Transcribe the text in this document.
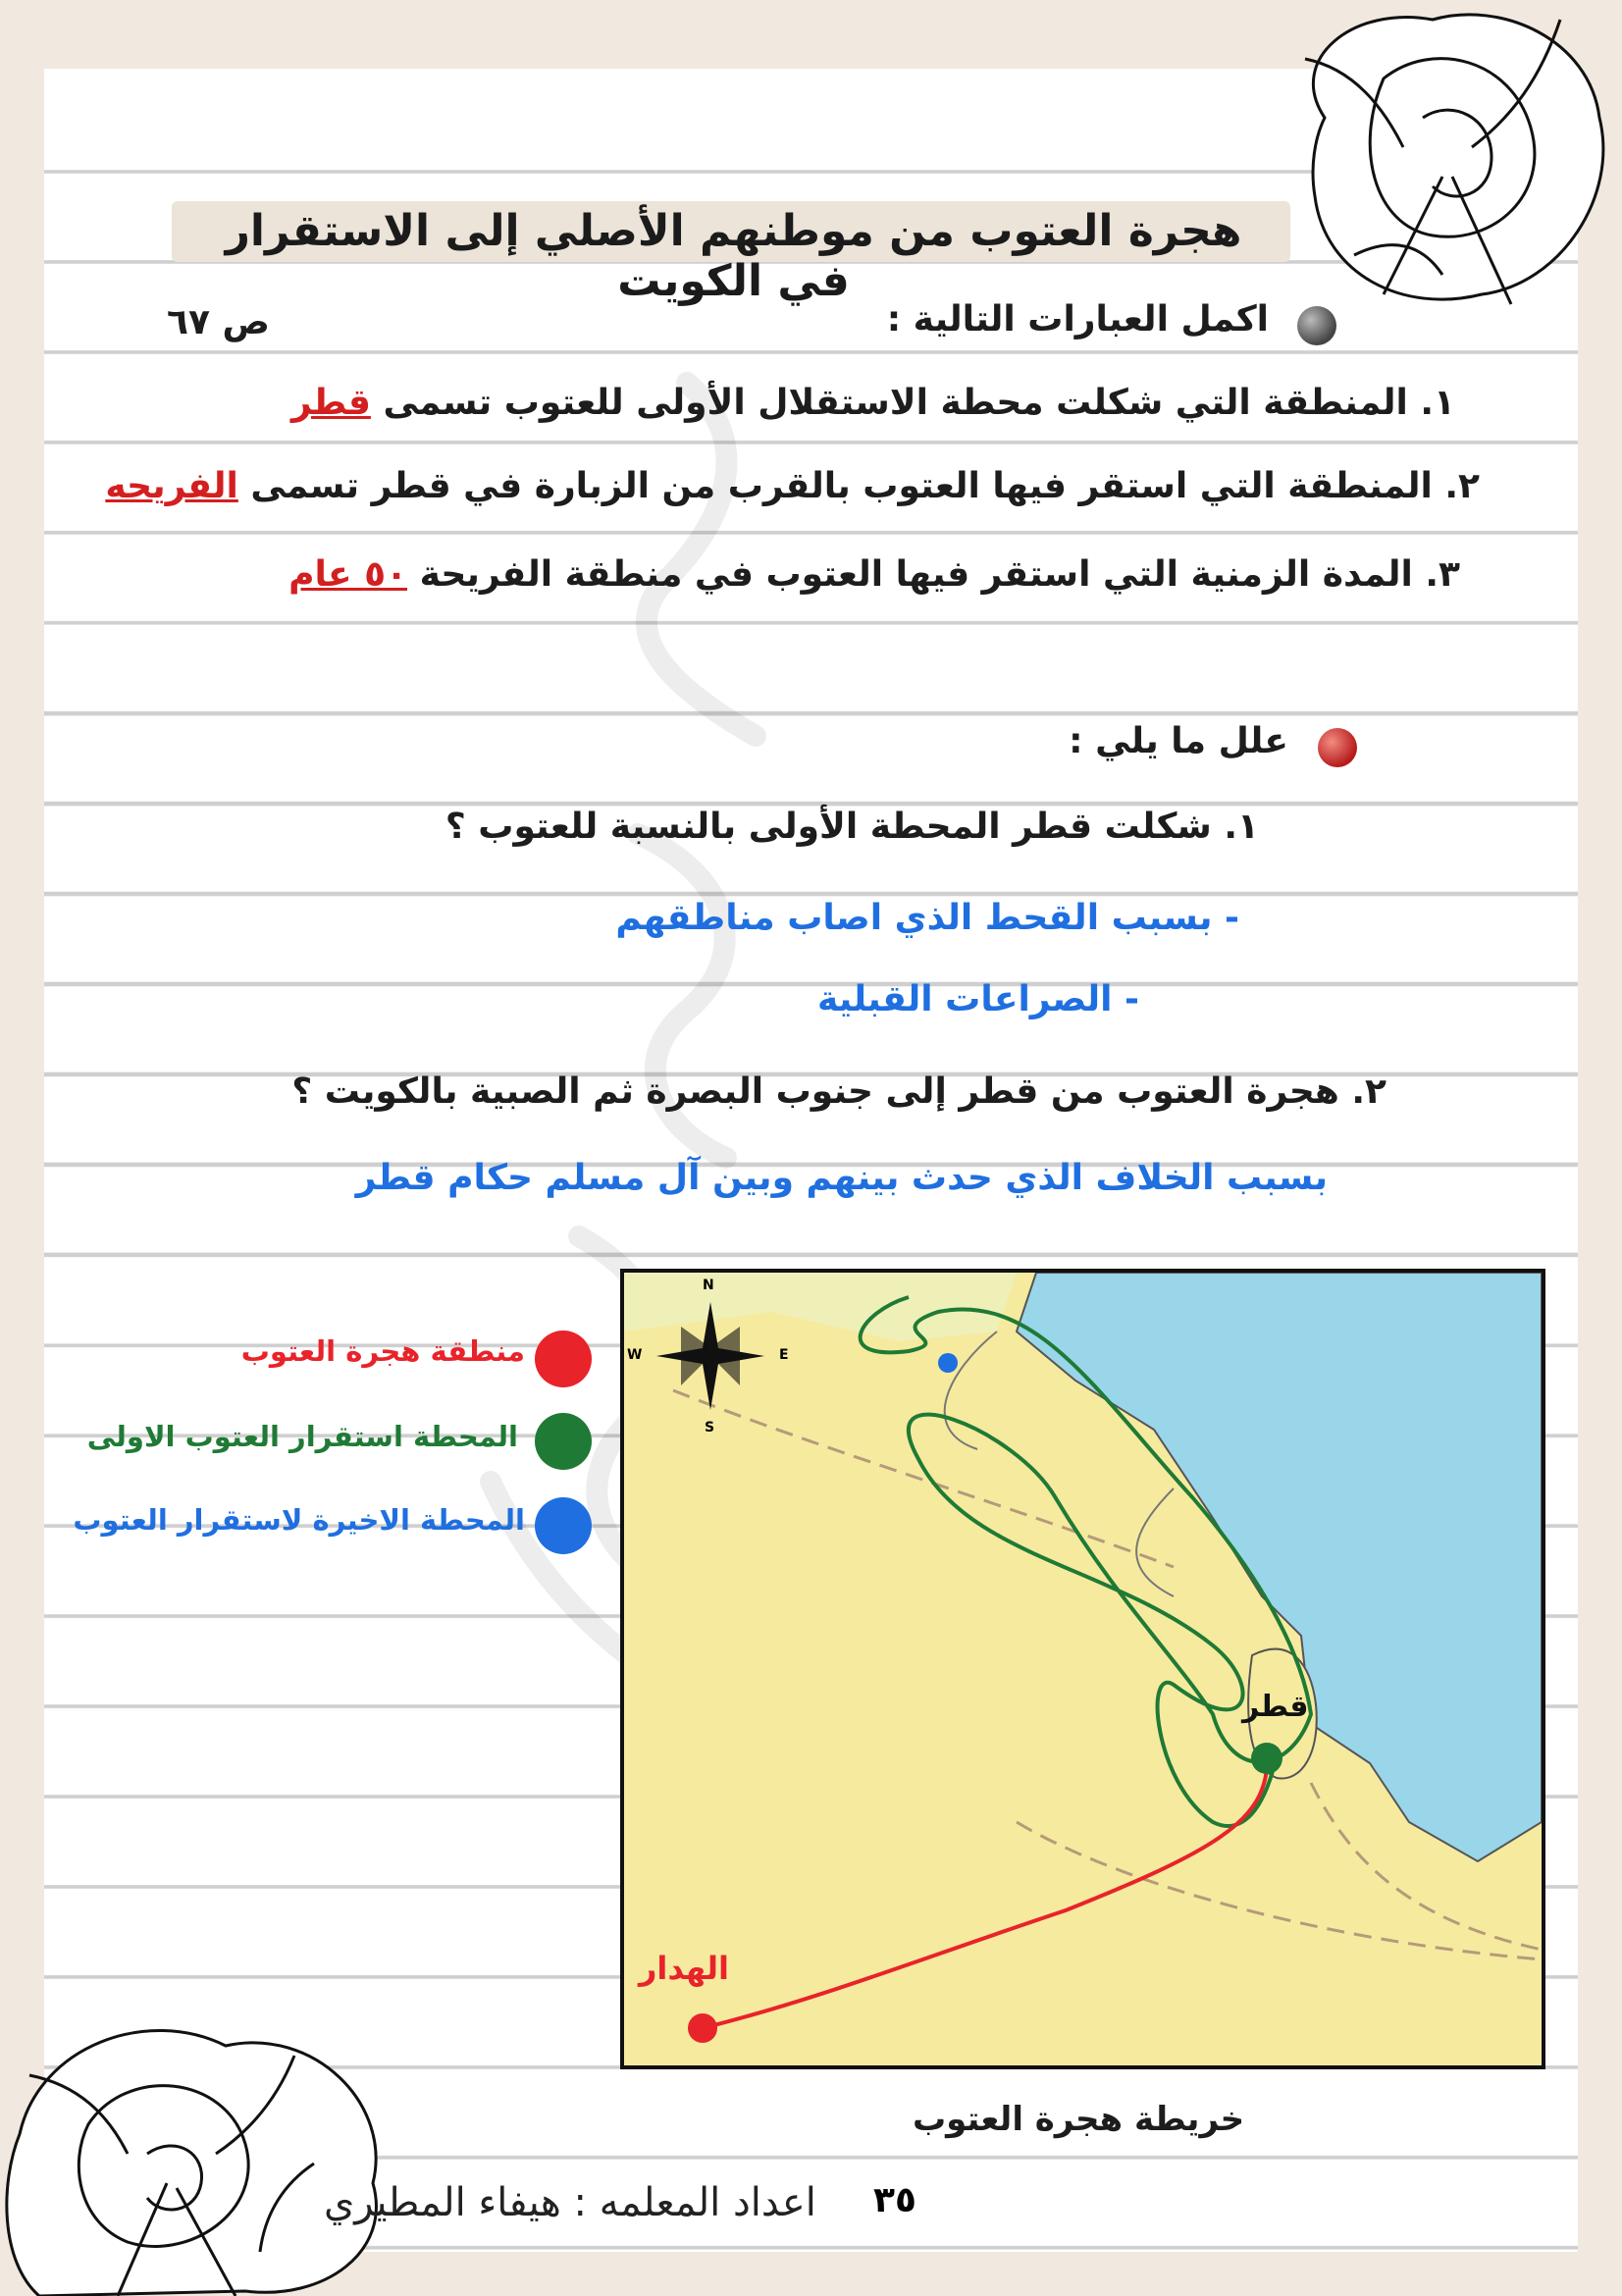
هجرة العتوب من موطنهم الأصلي إلى الاستقرار في الكويت
ص ٦٧	اكمل العبارات التالية :
١. المنطقة التي شكلت محطة الاستقلال الأولى للعتوب تسمى قطر
٢. المنطقة التي استقر فيها العتوب بالقرب من الزبارة في قطر تسمى الفريحه
٣. المدة الزمنية التي استقر فيها العتوب في منطقة الفريحة ٥٠ عام
علل ما يلي :
١. شكلت قطر المحطة الأولى بالنسبة للعتوب ؟
- بسبب القحط الذي اصاب مناطقهم
- الصراعات القبلية
٢. هجرة العتوب من قطر إلى جنوب البصرة ثم الصبية بالكويت ؟
بسبب الخلاف الذي حدث بينهم وبين آل مسلم حكام قطر
منطقة هجرة العتوب
المحطة استقرار العتوب الاولى
المحطة الاخيرة لاستقرار العتوب
N
S
E
W
قطر
الهدار
خريطة هجرة العتوب
٣٥
اعداد المعلمه : هيفاء المطيري
